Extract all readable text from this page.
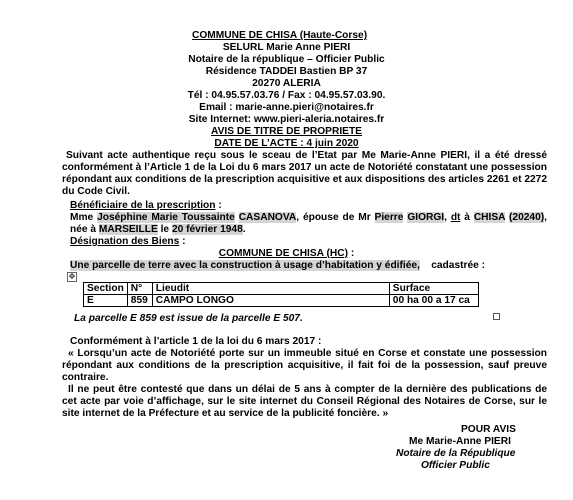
COMMUNE DE CHISA (Haute-Corse)
SELURL Marie Anne PIERI
Notaire de la république – Officier Public
Résidence TADDEI Bastien BP 37
20270 ALERIA
Tél : 04.95.57.03.76 / Fax : 04.95.57.03.90.
Email : marie-anne.pieri@notaires.fr
Site Internet: www.pieri-aleria.notaires.fr
AVIS DE TITRE DE PROPRIETE
DATE DE L’ACTE : 4 juin 2020
Suivant acte authentique reçu sous le sceau de l’Etat par Me Marie-Anne PIERI, il a été dressé conformément à l’Article 1 de la Loi du 6 mars 2017 un acte de Notoriété constatant une possession répondant aux conditions de la prescription acquisitive et aux dispositions des articles 2261 et 2272 du Code Civil.
Bénéficiaire de la prescription :
Mme Joséphine Marie Toussainte CASANOVA, épouse de Mr Pierre GIORGI, dt à CHISA (20240), née à MARSEILLE le 20 février 1948.
Désignation des Biens :
COMMUNE DE CHISA (HC) :
Une parcelle de terre avec la construction à usage d’habitation y édifiée, cadastrée :
✥
Section	N°	Lieudit	Surface
E	859	CAMPO LONGO	00 ha 00 a 17 ca
La parcelle E 859 est issue de la parcelle E 507.
Conformément à l’article 1 de la loi du 6 mars 2017 :
« Lorsqu’un acte de Notoriété porte sur un immeuble situé en Corse et constate une possession répondant aux conditions de la prescription acquisitive, il fait foi de la possession, sauf preuve contraire.
Il ne peut être contesté que dans un délai de 5 ans à compter de la dernière des publications de cet acte par voie d’affichage, sur le site internet du Conseil Régional des Notaires de Corse, sur le site internet de la Préfecture et au service de la publicité foncière. »
POUR AVIS
Me Marie-Anne PIERI
Notaire de la République
Officier Public
